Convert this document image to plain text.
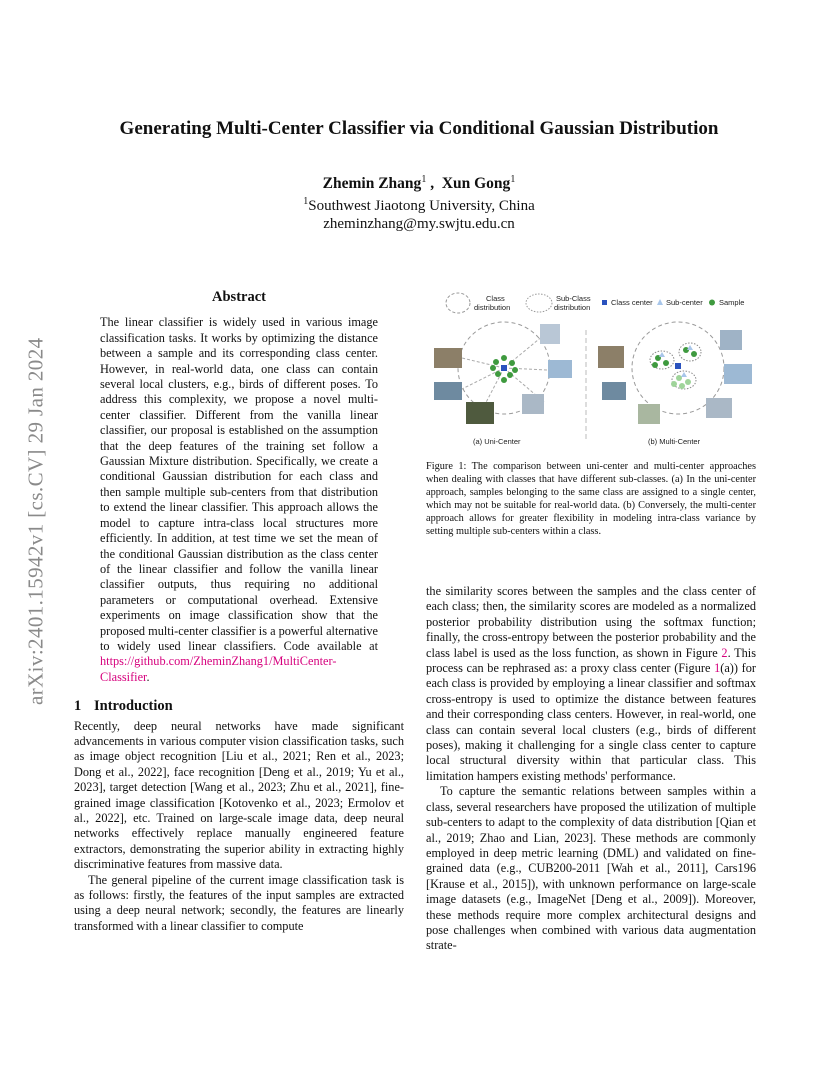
arXiv:2401.15942v1 [cs.CV] 29 Jan 2024
Generating Multi-Center Classifier via Conditional Gaussian Distribution
Zhemin Zhang$^1$ ,  Xun Gong$^1$
$^1$Southwest Jiaotong University, China
zheminzhang@my.swjtu.edu.cn
Abstract

The linear classifier is widely used in various image classification tasks. It works by optimizing the distance between a sample and its corresponding class center. However, in real-world data, one class can contain several local clusters, e.g., birds of different poses. To address this complexity, we propose a novel multi-center classifier. Different from the vanilla linear classifier, our proposal is established on the assumption that the deep features of the training set follow a Gaussian Mixture distribution. Specifically, we create a conditional Gaussian distribution for each class and then sample multiple sub-centers from that distribution to extend the linear classifier. This approach allows the model to capture intra-class local structures more efficiently. In addition, at test time we set the mean of the conditional Gaussian distribution as the class center of the linear classifier and follow the vanilla linear classifier outputs, thus requiring no additional parameters or computational overhead. Extensive experiments on image classification show that the proposed multi-center classifier is a powerful alternative to widely used linear classifiers. Code available at https://github.com/ZheminZhang1/MultiCenter-Classifier.

1 Introduction

Recently, deep neural networks have made significant advancements in various computer vision classification tasks, such as image object recognition [Liu et al., 2021; Ren et al., 2023; Dong et al., 2022], face recognition [Deng et al., 2019; Yu et al., 2023], target detection [Wang et al., 2023; Zhu et al., 2021], fine-grained image classification [Kotovenko et al., 2023; Ermolov et al., 2022], etc. Trained on large-scale image data, deep neural networks effectively replace manually engineered feature extractors, demonstrating the superior ability in extracting highly discriminative features from massive data.

The general pipeline of the current image classification task is as follows: firstly, the features of the input samples are extracted using a deep neural network; secondly, the features are linearly transformed with a linear classifier to compute

Class
distribution
Sub-Class
distribution
Class center Sub-center Sample
(a) Uni-Center	(b) Multi-Center
Figure 1: The comparison between uni-center and multi-center approaches when dealing with classes that have different sub-classes. (a) In the uni-center approach, samples belonging to the same class are assigned to a single center, which may not be suitable for real-world data. (b) Conversely, the multi-center approach allows for greater flexibility in modeling intra-class variance by setting multiple sub-centers within a class.

the similarity scores between the samples and the class center of each class; then, the similarity scores are modeled as a normalized posterior probability distribution using the softmax function; finally, the cross-entropy between the posterior probability and the class label is used as the loss function, as shown in Figure 2. This process can be rephrased as: a proxy class center (Figure 1(a)) for each class is provided by employing a linear classifier and softmax cross-entropy is used to optimize the distance between features and their corresponding class centers. However, in real-world, one class can contain several local clusters (e.g., birds of different poses), making it challenging for a single class center to capture local structural diversity within that particular class. This limitation hampers existing methods' performance.

To capture the semantic relations between samples within a class, several researchers have proposed the utilization of multiple sub-centers to adapt to the complexity of data distribution [Qian et al., 2019; Zhao and Lian, 2023]. These methods are commonly employed in deep metric learning (DML) and validated on fine-grained data (e.g., CUB200-2011 [Wah et al., 2011], Cars196 [Krause et al., 2015]), with unknown performance on large-scale image datasets (e.g., ImageNet [Deng et al., 2009]). Moreover, these methods require more complex architectural designs and pose challenges when combined with various data augmentation strate-
